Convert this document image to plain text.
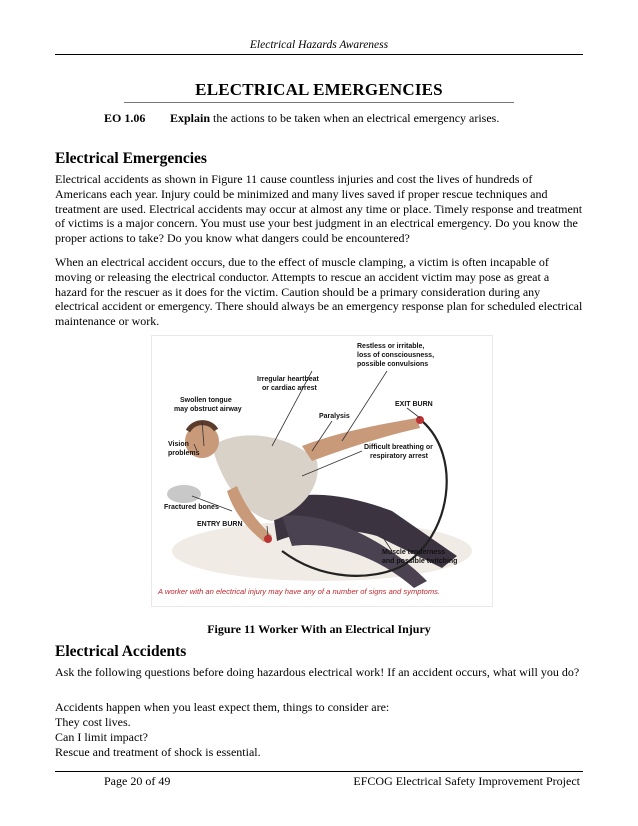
Electrical Hazards Awareness
ELECTRICAL EMERGENCIES
EO 1.06 Explain the actions to be taken when an electrical emergency arises.
Electrical Emergencies

Electrical accidents as shown in Figure 11 cause countless injuries and cost the lives of hundreds of Americans each year. Injury could be minimized and many lives saved if proper rescue techniques and treatment are used. Electrical accidents may occur at almost any time or place. Timely response and treatment of victims is a major concern. You must use your best judgment in an electrical emergency. Do you know the proper actions to take? Do you know what dangers could be encountered?

When an electrical accident occurs, due to the effect of muscle clamping, a victim is often incapable of moving or releasing the electrical conductor. Attempts to rescue an accident victim may pose as great a hazard for the rescuer as it does for the victim. Caution should be a primary consideration during any electrical accident or emergency. There should always be an emergency response plan for scheduled electrical maintenance or work.

Restless or irritable,
loss of consciousness,
possible convulsions
Irregular heartbeat
or cardiac arrest
Swollen tongue
may obstruct airway
EXIT BURN
Paralysis
Vision
problems
Difficult breathing or
respiratory arrest
Fractured bones
ENTRY BURN
Muscle tenderness
and possible twitching
A worker with an electrical injury may have any of a number of signs and symptoms.
Figure 11 Worker With an Electrical Injury
Electrical Accidents

Ask the following questions before doing hazardous electrical work! If an accident occurs, what will you do?

Accidents happen when you least expect them, things to consider are:
They cost lives.
Can I limit impact?
Rescue and treatment of shock is essential.
Page 20 of 49	EFCOG Electrical Safety Improvement Project
